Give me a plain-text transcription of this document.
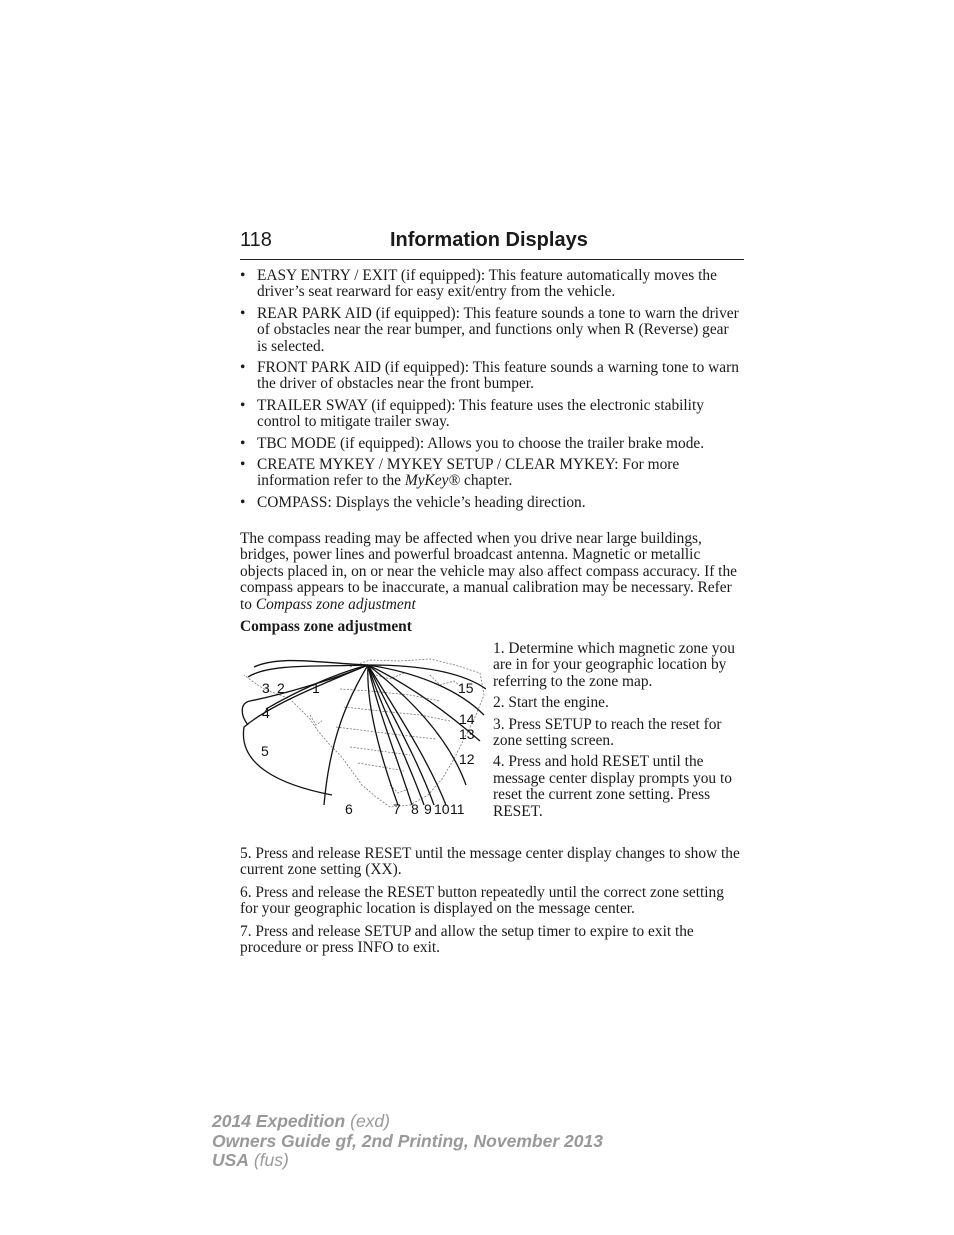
118	Information Displays
• EASY ENTRY / EXIT (if equipped): This feature automatically moves the driver’s seat rearward for easy exit/entry from the vehicle.
• REAR PARK AID (if equipped): This feature sounds a tone to warn the driver of obstacles near the rear bumper, and functions only when R (Reverse) gear is selected.
• FRONT PARK AID (if equipped): This feature sounds a warning tone to warn the driver of obstacles near the front bumper.
• TRAILER SWAY (if equipped): This feature uses the electronic stability control to mitigate trailer sway.
• TBC MODE (if equipped): Allows you to choose the trailer brake mode.
• CREATE MYKEY / MYKEY SETUP / CLEAR MYKEY: For more information refer to the MyKey® chapter.
• COMPASS: Displays the vehicle’s heading direction.

The compass reading may be affected when you drive near large buildings, bridges, power lines and powerful broadcast antenna. Magnetic or metallic objects placed in, on or near the vehicle may also affect compass accuracy. If the compass appears to be inaccurate, a manual calibration may be necessary. Refer to Compass zone adjustment

Compass zone adjustment
3 2 1
4
5
6	7 8 9 10 11
12
13
14
15
1. Determine which magnetic zone you are in for your geographic location by referring to the zone map.
2. Start the engine.
3. Press SETUP to reach the reset for zone setting screen.
4. Press and hold RESET until the message center display prompts you to reset the current zone setting. Press RESET.

5. Press and release RESET until the message center display changes to show the current zone setting (XX).

6. Press and release the RESET button repeatedly until the correct zone setting for your geographic location is displayed on the message center.

7. Press and release SETUP and allow the setup timer to expire to exit the procedure or press INFO to exit.

2014 Expedition (exd)
Owners Guide gf, 2nd Printing, November 2013
USA (fus)
